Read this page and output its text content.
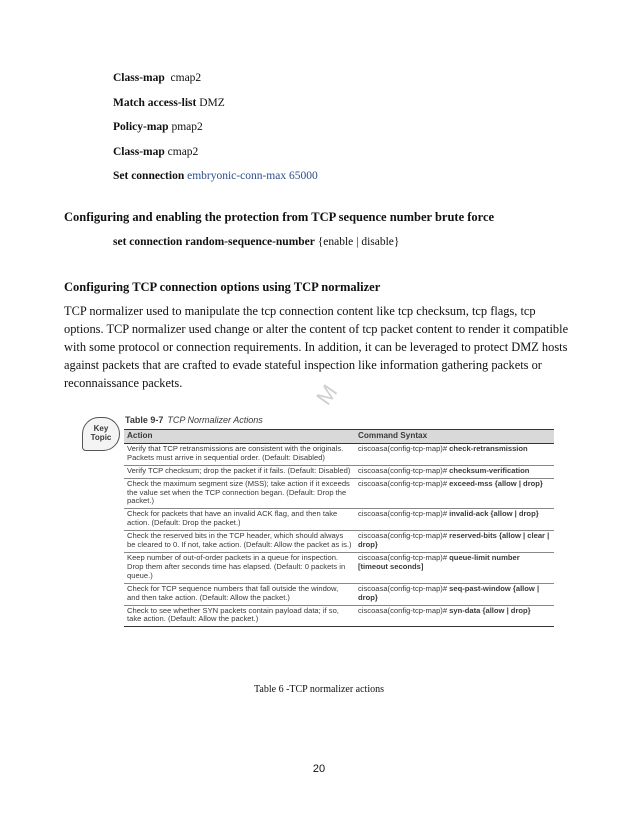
Class-map  cmap2
Match access-list DMZ
Policy-map pmap2
Class-map cmap2
Set connection embryonic-conn-max 65000
Configuring and enabling the protection from TCP sequence number brute force
set connection random-sequence-number {enable | disable}
Configuring TCP connection options using TCP normalizer
TCP normalizer used to manipulate the tcp connection content like tcp checksum, tcp flags, tcp options. TCP normalizer used change or alter the content of tcp packet content to render it compatible with some protocol or connection requirements. In addition, it can be leveraged to protect DMZ hosts against packets that are crafted to evade stateful inspection like information gathering packets or reconnaissance packets.	M
Key
Topic
Table 9-7 TCP Normalizer Actions
Action	Command Syntax
Verify that TCP retransmissions are consistent with the originals. Packets must arrive in sequential order. (Default: Disabled)	ciscoasa(config-tcp-map)# check-retransmission
Verify TCP checksum; drop the packet if it fails. (Default: Disabled)	ciscoasa(config-tcp-map)# checksum-verification
Check the maximum segment size (MSS); take action if it exceeds the value set when the TCP connection began. (Default: Drop the packet.)	ciscoasa(config-tcp-map)# exceed-mss {allow | drop}
Check for packets that have an invalid ACK flag, and then take action. (Default: Drop the packet.)	ciscoasa(config-tcp-map)# invalid-ack {allow | drop}
Check the reserved bits in the TCP header, which should always be cleared to 0. If not, take action. (Default: Allow the packet as is.)	ciscoasa(config-tcp-map)# reserved-bits {allow | clear | drop}
Keep number of out-of-order packets in a queue for inspection. Drop them after seconds time has elapsed. (Default: 0 packets in queue.)	ciscoasa(config-tcp-map)# queue-limit number [timeout seconds]
Check for TCP sequence numbers that fall outside the window, and then take action. (Default: Allow the packet.)	ciscoasa(config-tcp-map)# seq-past-window {allow | drop}
Check to see whether SYN packets contain payload data; if so, take action. (Default: Allow the packet.)	ciscoasa(config-tcp-map)# syn-data {allow | drop}
Table 6 -TCP normalizer actions
20
